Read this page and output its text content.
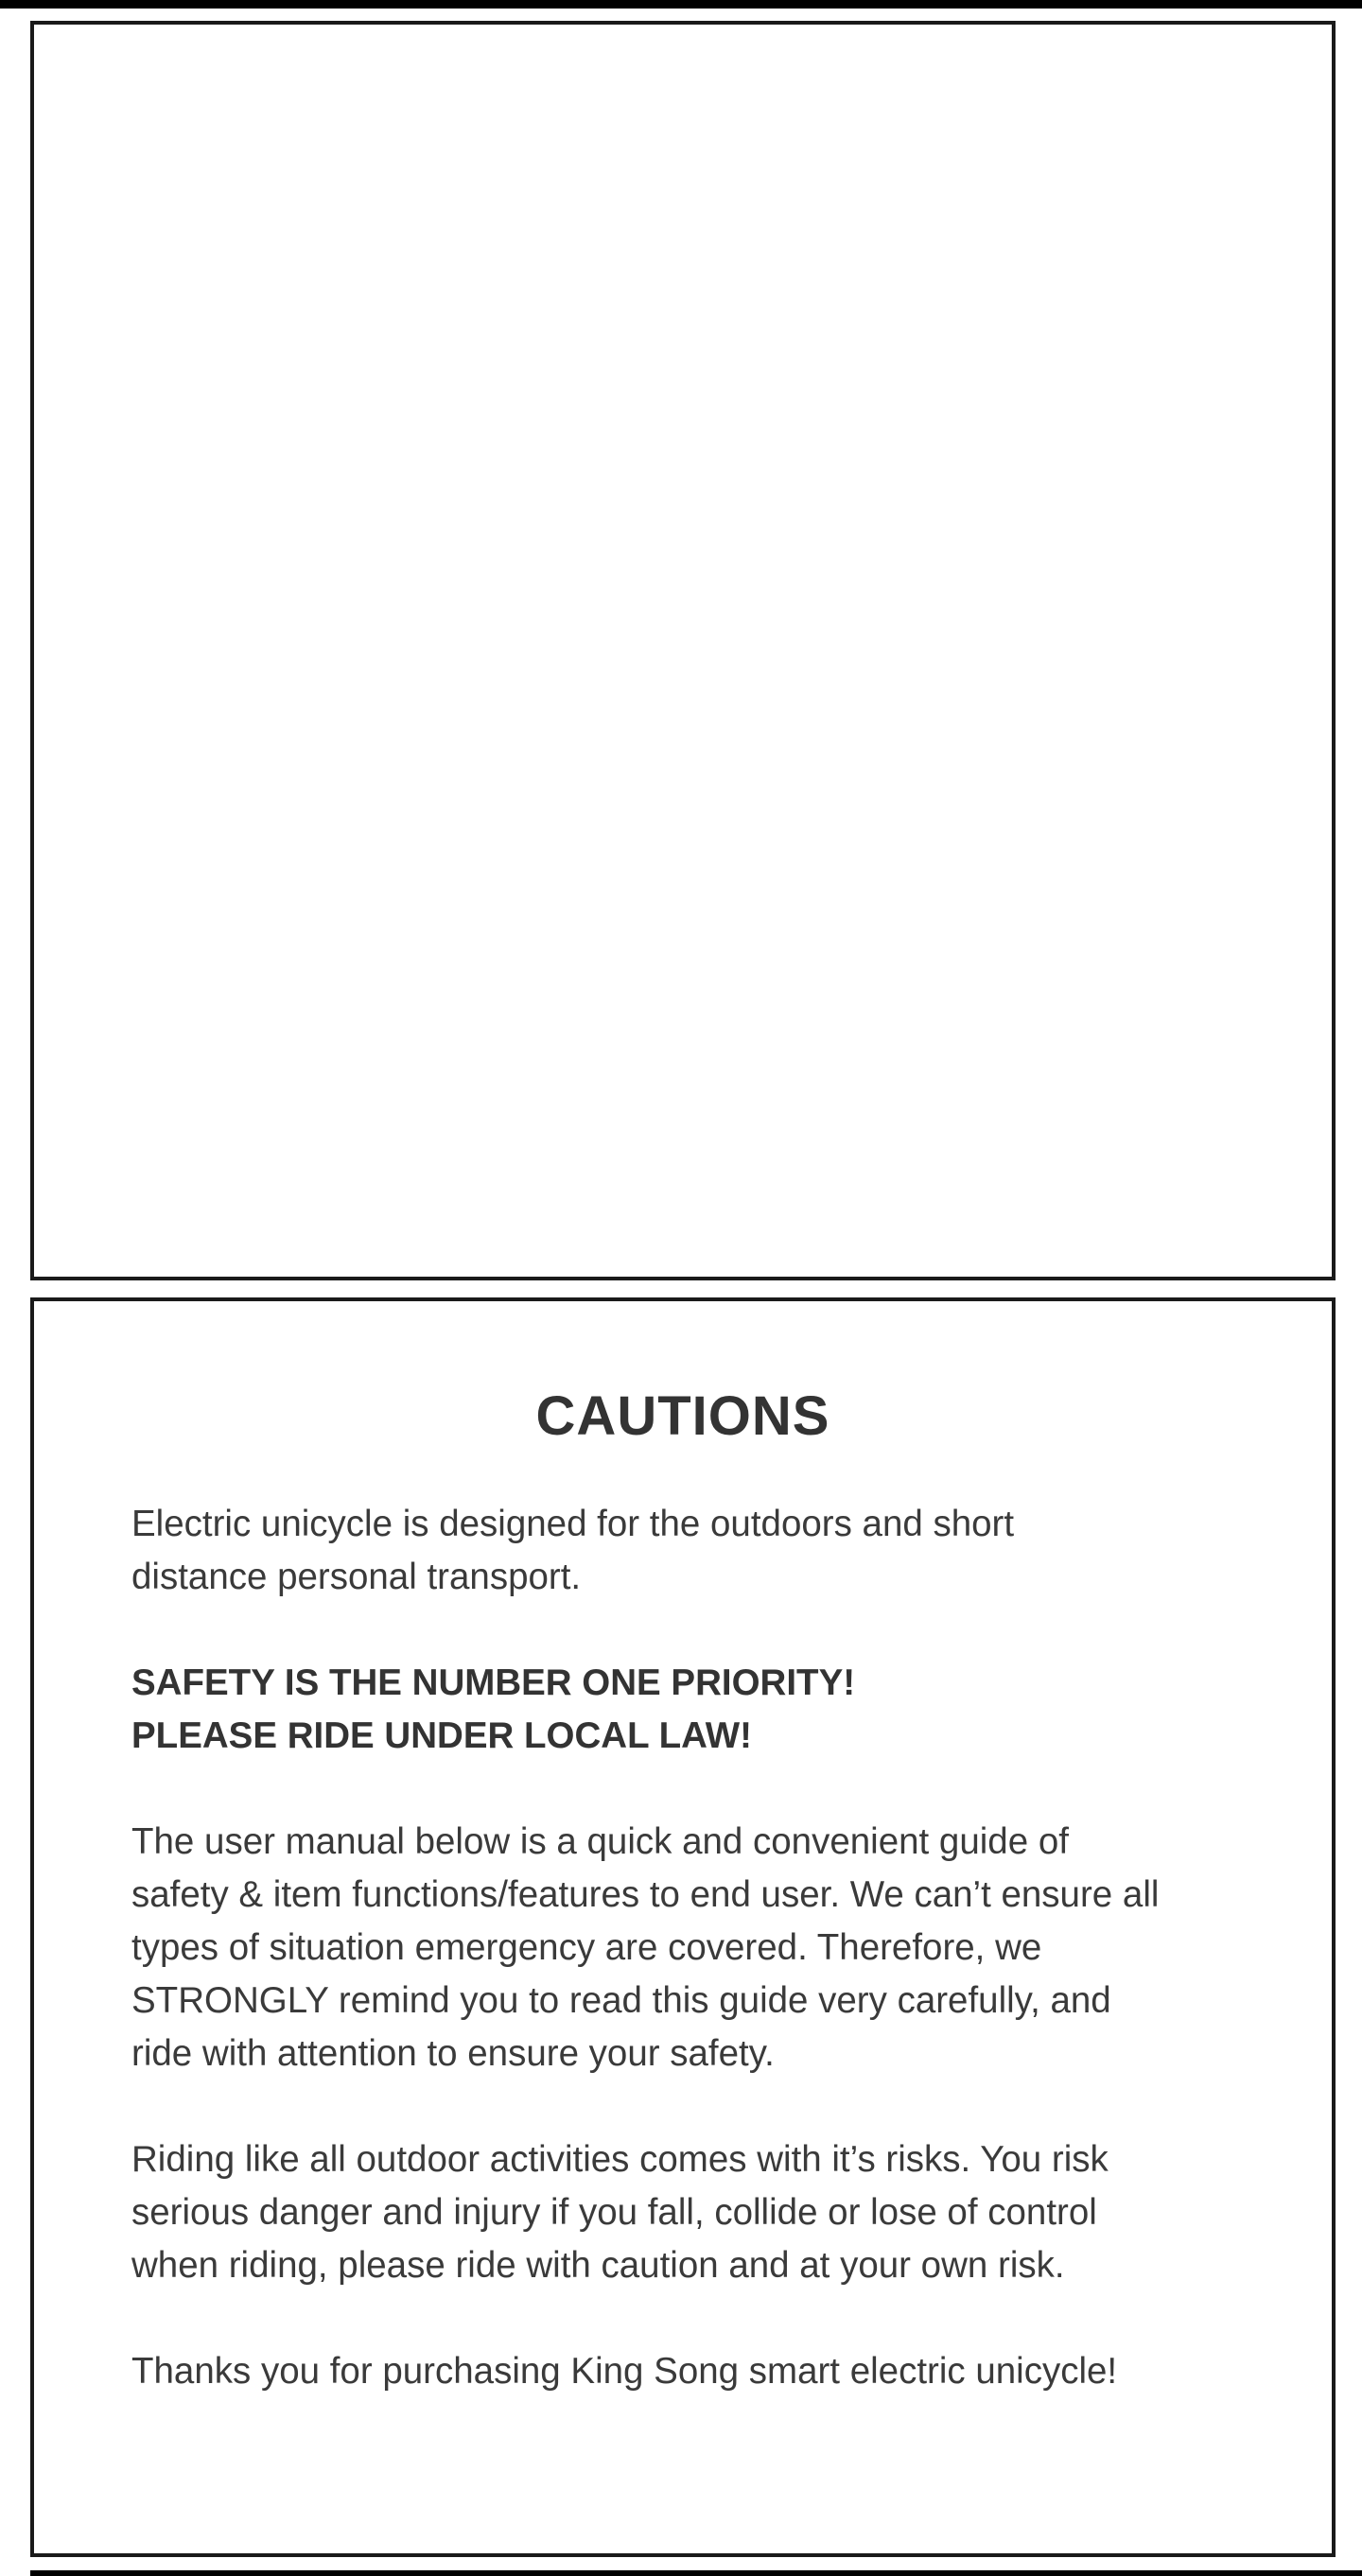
CAUTIONS

Electric unicycle is designed for the outdoors and short
distance personal transport.

SAFETY IS THE NUMBER ONE PRIORITY!
PLEASE RIDE UNDER LOCAL LAW!

The user manual below is a quick and convenient guide of
safety & item functions/features to end user. We can’t ensure all
types of situation emergency are covered. Therefore, we
STRONGLY remind you to read this guide very carefully, and
ride with attention to ensure your safety.

Riding like all outdoor activities comes with it’s risks. You risk
serious danger and injury if you fall, collide or lose of control
when riding, please ride with caution and at your own risk.

Thanks you for purchasing King Song smart electric unicycle!
